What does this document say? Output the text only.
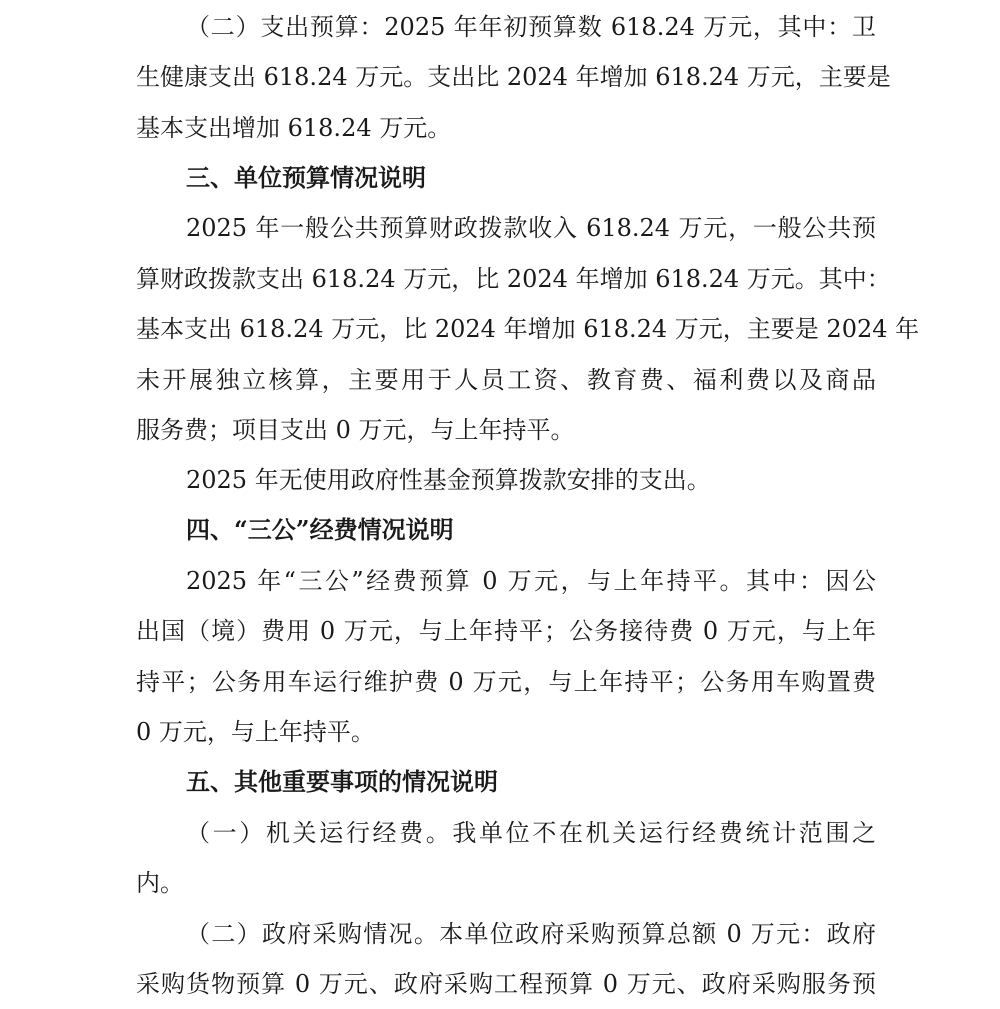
（二）支出预算：2025 年年初预算数 618.24 万元，其中：卫
生健康支出 618.24 万元。支出比 2024 年增加 618.24 万元，主要是
基本支出增加 618.24 万元。
三、单位预算情况说明
2025 年一般公共预算财政拨款收入 618.24 万元，一般公共预
算财政拨款支出 618.24 万元，比 2024 年增加 618.24 万元。其中：
基本支出 618.24 万元，比 2024 年增加 618.24 万元，主要是 2024 年
未开展独立核算，主要用于人员工资、教育费、福利费以及商品
服务费；项目支出 0 万元，与上年持平。
2025 年无使用政府性基金预算拨款安排的支出。
四、“三公”经费情况说明
2025 年“三公”经费预算 0 万元，与上年持平。其中：因公
出国（境）费用 0 万元，与上年持平；公务接待费 0 万元，与上年
持平；公务用车运行维护费 0 万元，与上年持平；公务用车购置费
0 万元，与上年持平。
五、其他重要事项的情况说明
（一）机关运行经费。我单位不在机关运行经费统计范围之
内。
（二）政府采购情况。本单位政府采购预算总额 0 万元：政府
采购货物预算 0 万元、政府采购工程预算 0 万元、政府采购服务预
